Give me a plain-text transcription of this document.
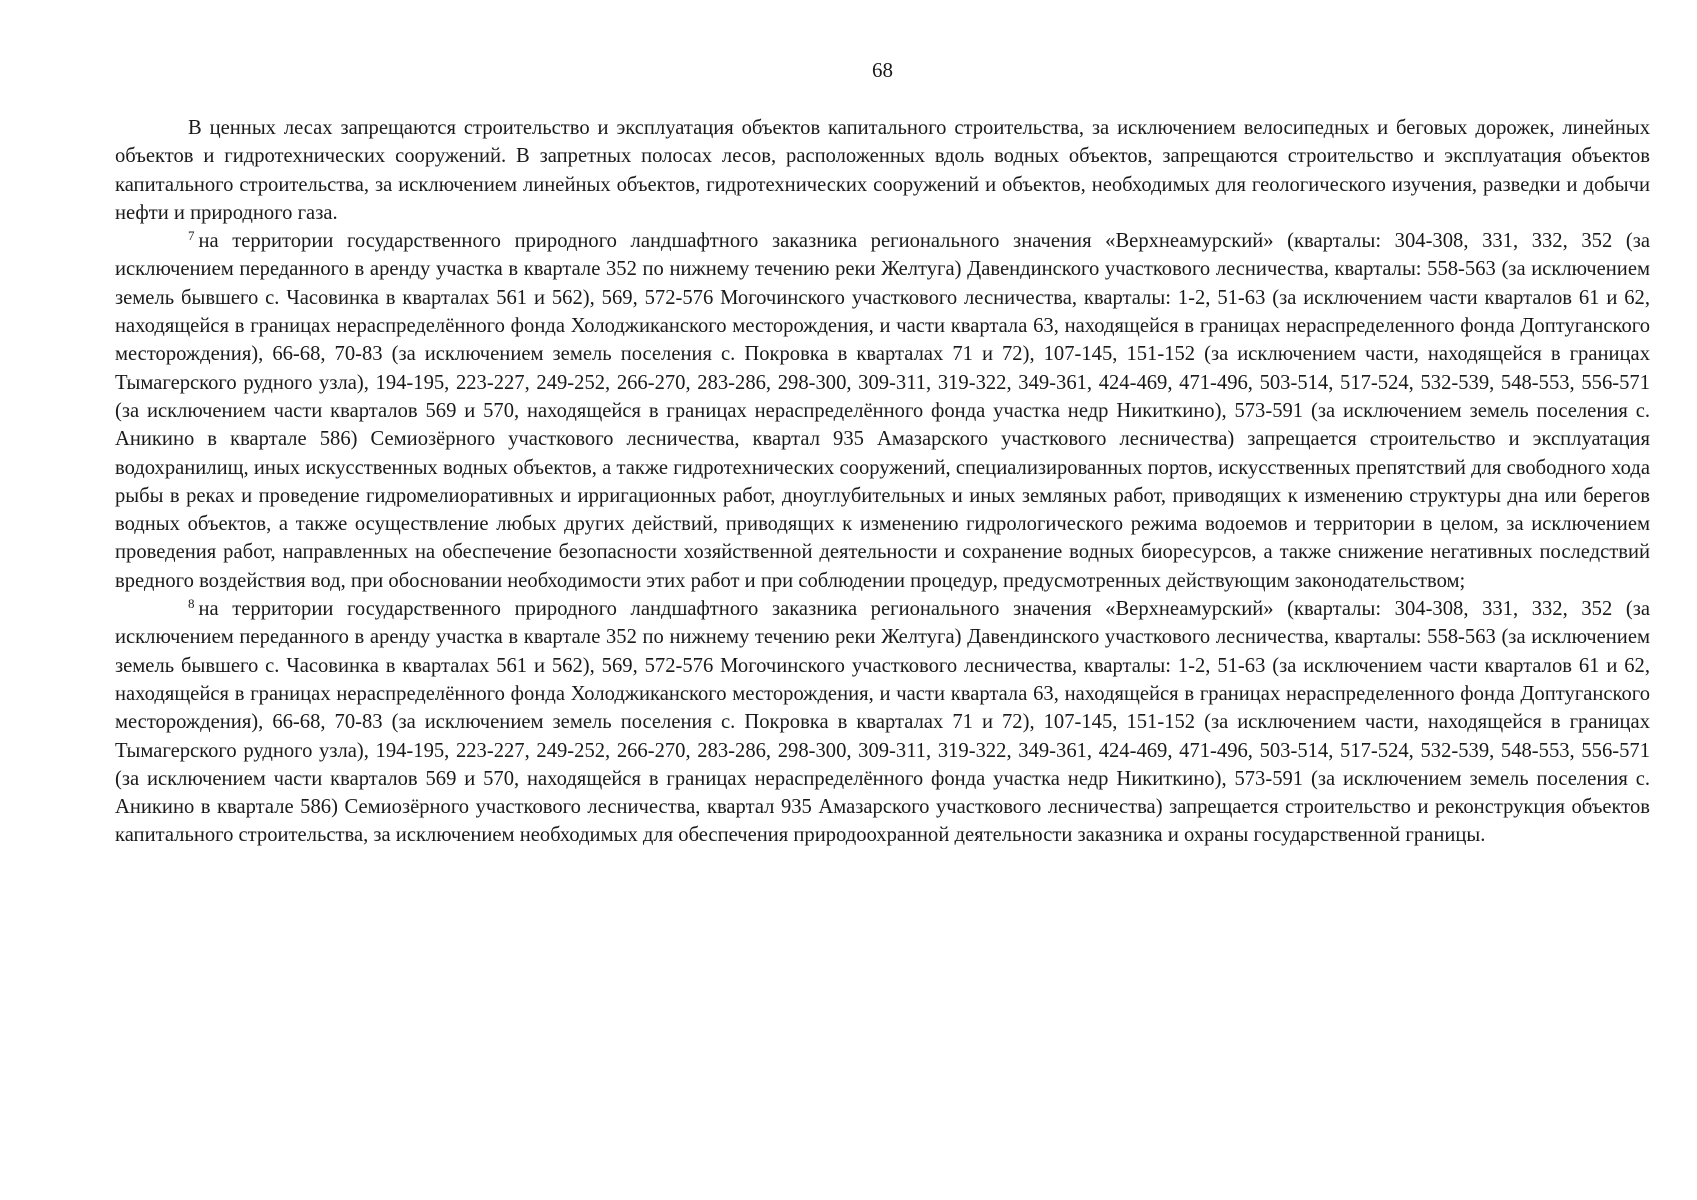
68

В ценных лесах запрещаются строительство и эксплуатация объектов капитального строительства, за исключением велосипедных и беговых дорожек, линейных объектов и гидротехнических сооружений. В запретных полосах лесов, расположенных вдоль водных объектов, запрещаются строительство и эксплуатация объектов капитального строительства, за исключением линейных объектов, гидротехнических сооружений и объектов, необходимых для геологического изучения, разведки и добычи нефти и природного газа.

$^7$ на территории государственного природного ландшафтного заказника регионального значения «Верхнеамурский» (кварталы: 304-308, 331, 332, 352 (за исключением переданного в аренду участка в квартале 352 по нижнему течению реки Желтуга) Давендинского участкового лесничества, кварталы: 558-563 (за исключением земель бывшего с. Часовинка в кварталах 561 и 562), 569, 572-576 Могочинского участкового лесничества, кварталы: 1-2, 51-63 (за исключением части кварталов 61 и 62, находящейся в границах нераспределённого фонда Холоджиканского месторождения, и части квартала 63, находящейся в границах нераспределенного фонда Доптуганского месторождения), 66-68, 70-83 (за исключением земель поселения с. Покровка в кварталах 71 и 72), 107-145, 151-152 (за исключением части, находящейся в границах Тымагерского рудного узла), 194-195, 223-227, 249-252, 266-270, 283-286, 298-300, 309-311, 319-322, 349-361, 424-469, 471-496, 503-514, 517-524, 532-539, 548-553, 556-571 (за исключением части кварталов 569 и 570, находящейся в границах нераспределённого фонда участка недр Никиткино), 573-591 (за исключением земель поселения с. Аникино в квартале 586) Семиозёрного участкового лесничества, квартал 935 Амазарского участкового лесничества) запрещается строительство и эксплуатация водохранилищ, иных искусственных водных объектов, а также гидротехнических сооружений, специализированных портов, искусственных препятствий для свободного хода рыбы в реках и проведение гидромелиоративных и ирригационных работ, дноуглубительных и иных земляных работ, приводящих к изменению структуры дна или берегов водных объектов, а также осуществление любых других действий, приводящих к изменению гидрологического режима водоемов и территории в целом, за исключением проведения работ, направленных на обеспечение безопасности хозяйственной деятельности и сохранение водных биоресурсов, а также снижение негативных последствий вредного воздействия вод, при обосновании необходимости этих работ и при соблюдении процедур, предусмотренных действующим законодательством;

$^8$ на территории государственного природного ландшафтного заказника регионального значения «Верхнеамурский» (кварталы: 304-308, 331, 332, 352 (за исключением переданного в аренду участка в квартале 352 по нижнему течению реки Желтуга) Давендинского участкового лесничества, кварталы: 558-563 (за исключением земель бывшего с. Часовинка в кварталах 561 и 562), 569, 572-576 Могочинского участкового лесничества, кварталы: 1-2, 51-63 (за исключением части кварталов 61 и 62, находящейся в границах нераспределённого фонда Холоджиканского месторождения, и части квартала 63, находящейся в границах нераспределенного фонда Доптуганского месторождения), 66-68, 70-83 (за исключением земель поселения с. Покровка в кварталах 71 и 72), 107-145, 151-152 (за исключением части, находящейся в границах Тымагерского рудного узла), 194-195, 223-227, 249-252, 266-270, 283-286, 298-300, 309-311, 319-322, 349-361, 424-469, 471-496, 503-514, 517-524, 532-539, 548-553, 556-571 (за исключением части кварталов 569 и 570, находящейся в границах нераспределённого фонда участка недр Никиткино), 573-591 (за исключением земель поселения с. Аникино в квартале 586) Семиозёрного участкового лесничества, квартал 935 Амазарского участкового лесничества) запрещается строительство и реконструкция объектов капитального строительства, за исключением необходимых для обеспечения природоохранной деятельности заказника и охраны государственной границы.
